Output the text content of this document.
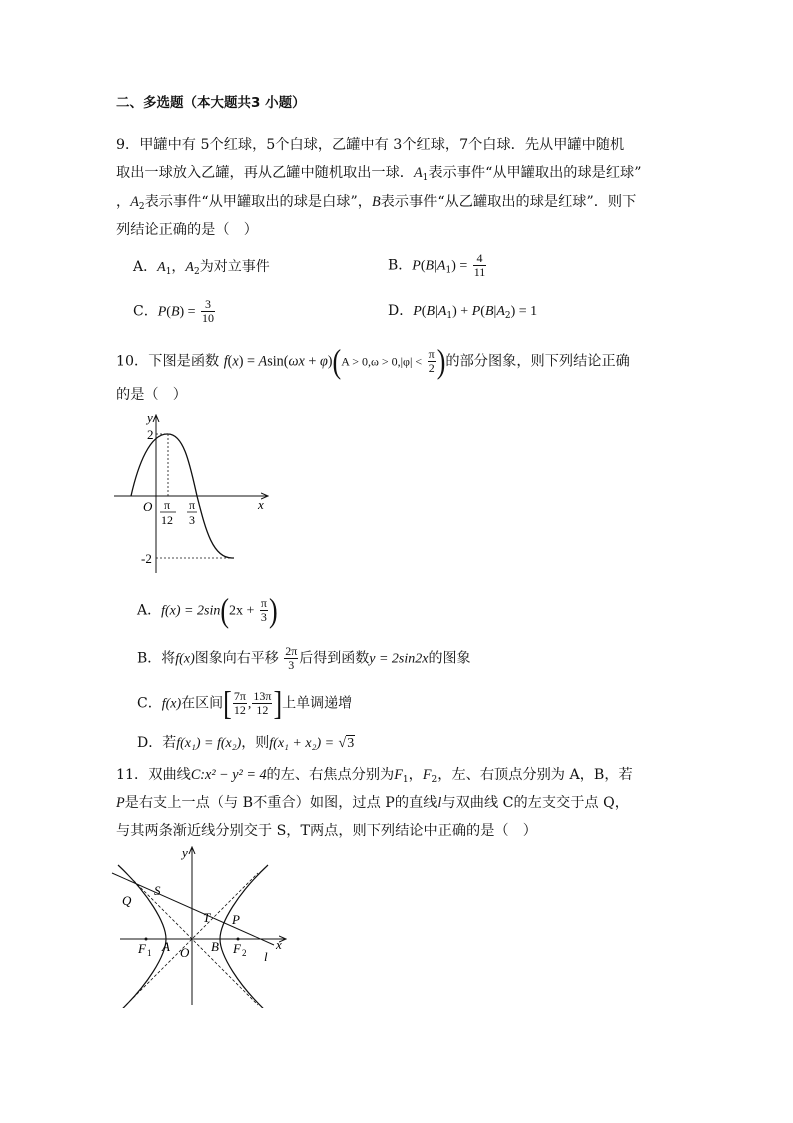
二、多选题（本大题共3 小题）
9．甲罐中有 5个红球，5个白球，乙罐中有 3个红球，7个白球．先从甲罐中随机
取出一球放入乙罐，再从乙罐中随机取出一球．$A_1$表示事件“从甲罐取出的球是红球”
，$A_2$表示事件“从甲罐取出的球是白球”，B表示事件“从乙罐取出的球是红球”．则下
列结论正确的是（　）
A．$A_1$，$A_2$为对立事件	B．$P(B|A_1) = \frac{4}{11}$
C．$P(B) = \frac{3}{10}$	D．$P(B|A_1) + P(B|A_2) = 1$
10．下图是函数 $f(x) = Asin(\omega x + \varphi)(A > 0,\omega > 0,|\varphi| < \frac{\pi}{2}$ )的部分图象，则下列结论正确
的是（　）
y
x
O
2
-2
π
12
π
3
A．$f(x) = 2\sin(2x + \frac{\pi}{3}$ )
B．将f(x)图象向右平移 $\frac{2\pi}{3}$ 后得到函数y = 2sin2x的图象
C．f(x)在区间[ $\frac{7\pi}{12}$ , $\frac{13\pi}{12}$ ]上单调递增
D．若f(x₁) = f(x₂)，则f(x₁ + x₂) = √3
11．双曲线C:x² − y² = 4的左、右焦点分别为$F_1$，$F_2$，左、右顶点分别为 A，B，若
P是右支上一点（与 B不重合）如图，过点 P的直线l与双曲线 C的左支交于点 Q，
与其两条渐近线分别交于 S，T两点，则下列结论中正确的是（　）
y
x
O
Q
S
T P
A	B
F 1	F 2 l
